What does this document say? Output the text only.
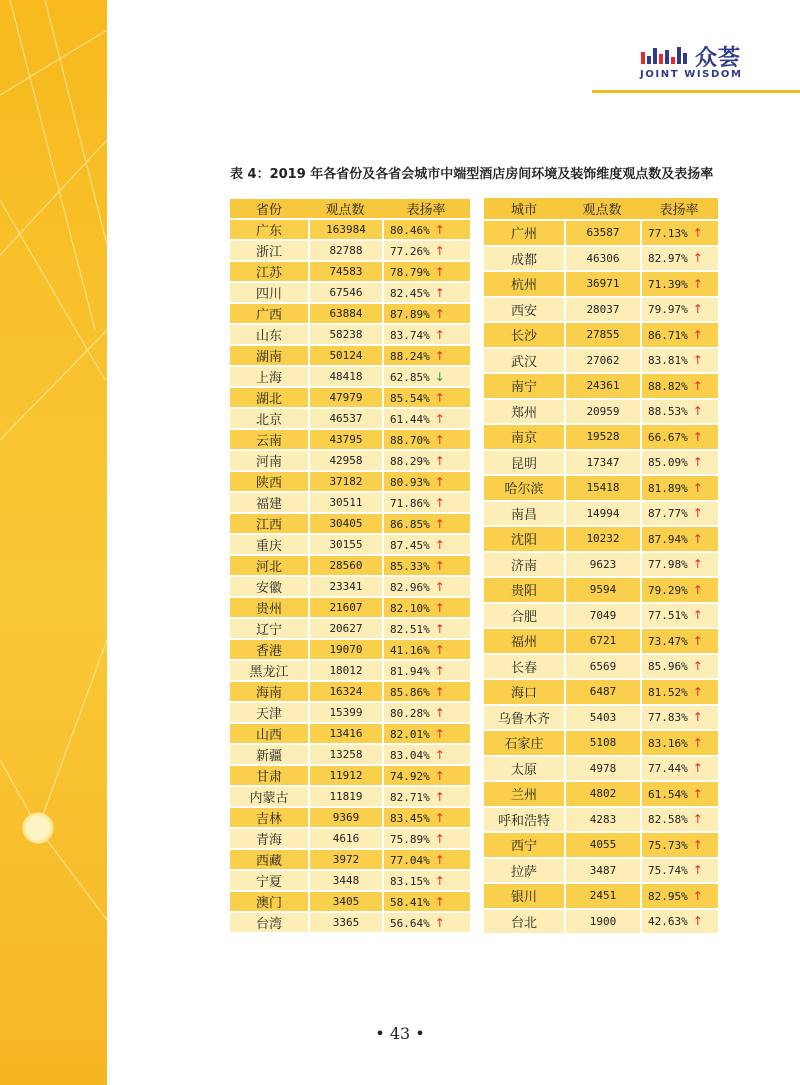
众荟
JOINT WISDOM
表 4：2019 年各省份及各省会城市中端型酒店房间环境及装饰维度观点数及表扬率
省份	观点数	表扬率
广东	163984	80.46% ↑
浙江	82788	77.26% ↑
江苏	74583	78.79% ↑
四川	67546	82.45% ↑
广西	63884	87.89% ↑
山东	58238	83.74% ↑
湖南	50124	88.24% ↑
上海	48418	62.85% ↓
湖北	47979	85.54% ↑
北京	46537	61.44% ↑
云南	43795	88.70% ↑
河南	42958	88.29% ↑
陕西	37182	80.93% ↑
福建	30511	71.86% ↑
江西	30405	86.85% ↑
重庆	30155	87.45% ↑
河北	28560	85.33% ↑
安徽	23341	82.96% ↑
贵州	21607	82.10% ↑
辽宁	20627	82.51% ↑
香港	19070	41.16% ↑
黑龙江	18012	81.94% ↑
海南	16324	85.86% ↑
天津	15399	80.28% ↑
山西	13416	82.01% ↑
新疆	13258	83.04% ↑
甘肃	11912	74.92% ↑
内蒙古	11819	82.71% ↑
吉林	9369	83.45% ↑
青海	4616	75.89% ↑
西藏	3972	77.04% ↑
宁夏	3448	83.15% ↑
澳门	3405	58.41% ↑
台湾	3365	56.64% ↑
城市	观点数	表扬率
广州	63587	77.13% ↑
成都	46306	82.97% ↑
杭州	36971	71.39% ↑
西安	28037	79.97% ↑
长沙	27855	86.71% ↑
武汉	27062	83.81% ↑
南宁	24361	88.82% ↑
郑州	20959	88.53% ↑
南京	19528	66.67% ↑
昆明	17347	85.09% ↑
哈尔滨	15418	81.89% ↑
南昌	14994	87.77% ↑
沈阳	10232	87.94% ↑
济南	9623	77.98% ↑
贵阳	9594	79.29% ↑
合肥	7049	77.51% ↑
福州	6721	73.47% ↑
长春	6569	85.96% ↑
海口	6487	81.52% ↑
乌鲁木齐	5403	77.83% ↑
石家庄	5108	83.16% ↑
太原	4978	77.44% ↑
兰州	4802	61.54% ↑
呼和浩特	4283	82.58% ↑
西宁	4055	75.73% ↑
拉萨	3487	75.74% ↑
银川	2451	82.95% ↑
台北	1900	42.63% ↑
• 43 •
